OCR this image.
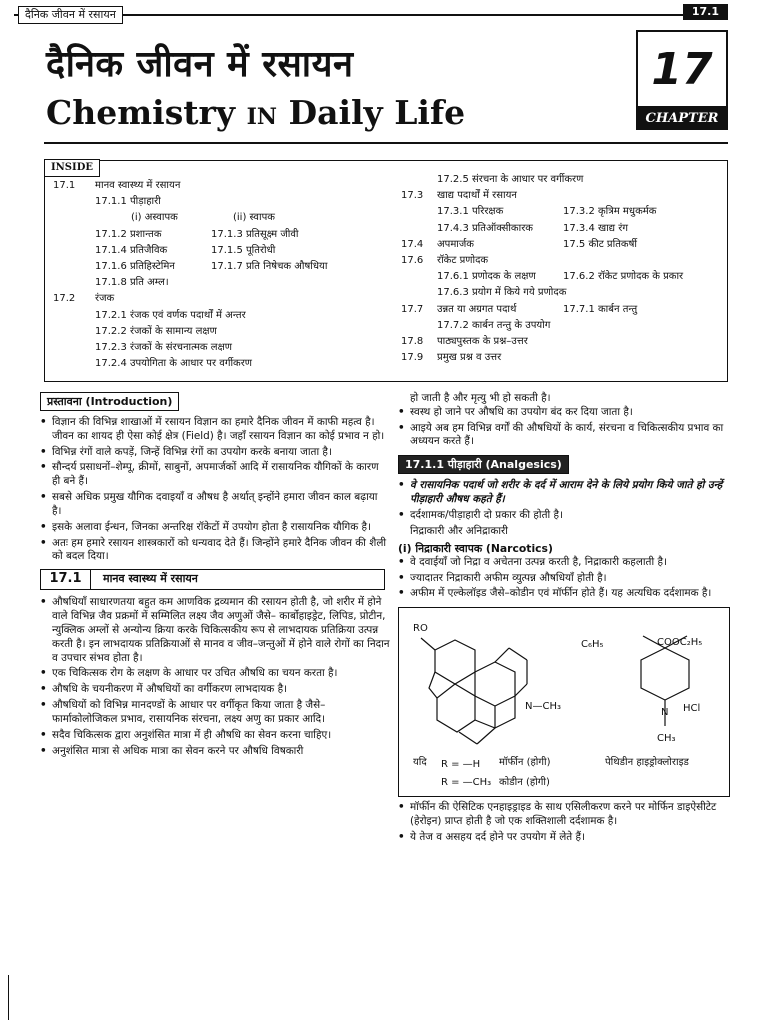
दैनिक जीवन में रसायन	17.1
दैनिक जीवन में रसायन
Chemistry IN Daily Life
17
CHAPTER
INSIDE
17.1 मानव स्वास्थ्य में रसायन
17.1.1 पीड़ाहारी
(i) अस्वापक	(ii) स्वापक
17.1.2 प्रशान्तक	17.1.3 प्रतिसूक्ष्म जीवी
17.1.4 प्रतिजैविक	17.1.5 पूतिरोधी
17.1.6 प्रतिहिस्टेमिन	17.1.7 प्रति निषेचक औषधिया
17.1.8 प्रति अम्ल।
17.2 रंजक
17.2.1 रंजक एवं वर्णक पदार्थों में अन्तर
17.2.2 रंजकों के सामान्य लक्षण
17.2.3 रंजकों के संरचनात्मक लक्षण
17.2.4 उपयोगिता के आधार पर वर्गीकरण
17.2.5 संरचना के आधार पर वर्गीकरण
17.3 खाद्य पदार्थों में रसायन
17.3.1 परिरक्षक	17.3.2 कृत्रिम मधुकर्मक
17.4.3 प्रतिऑक्सीकारक	17.3.4 खाद्य रंग
17.4 अपमार्जक	17.5 कीट प्रतिकर्षी
17.6 रॉकेट प्रणोदक
17.6.1 प्रणोदक के लक्षण	17.6.2 रॉकेट प्रणोदक के प्रकार
17.6.3 प्रयोग में किये गये प्रणोदक
17.7 उन्नत या अग्रगत पदार्थ	17.7.1 कार्बन तन्तु
17.7.2 कार्बन तन्तु के उपयोग
17.8 पाठ्यपुस्तक के प्रश्न–उत्तर
17.9 प्रमुख प्रश्न व उत्तर
प्रस्तावना (Introduction)
• विज्ञान की विभिन्न शाखाओं में रसायन विज्ञान का हमारे दैनिक जीवन में काफी महत्व है। जीवन का शायद ही ऐसा कोई क्षेत्र (Field) है। जहाँ रसायन विज्ञान का कोई प्रभाव न हो।
• विभिन्न रंगों वाले कपड़ें, जिन्हें विभिन्न रंगों का उपयोग करके बनाया जाता है।
• सौन्दर्य प्रसाधनों–शेम्पू, क्रीमों, साबुनों, अपमार्जकों आदि में रासायनिक यौगिकों के कारण ही बने हैं।
• सबसे अधिक प्रमुख यौगिक दवाइयाँ व औषध है अर्थात् इन्होंने हमारा जीवन काल बढ़ाया है।
• इसके अलावा ईन्धन, जिनका अन्तरिक्ष रॉकेटों में उपयोग होता है रासायनिक यौगिक है।
• अतः हम हमारे रसायन शास्त्रकारों को धन्यवाद देते हैं। जिन्होंने हमारे दैनिक जीवन की शैली को बदल दिया।
17.1	मानव स्वास्थ्य में रसायन
• औषधियाँ साधारणतया बहुत कम आणविक द्रव्यमान की रसायन होती है, जो शरीर में होने वाले विभिन्न जैव प्रक्रमों में सम्मिलित लक्ष्य जैव अणुओं जैसे– कार्बोहाइड्रेट, लिपिड, प्रोटीन, न्युक्लिक अम्लों से अन्योन्य क्रिया करके चिकित्सकीय रूप से लाभदायक प्रतिक्रिया उत्पन्न करती है। इन लाभदायक प्रतिक्रियाओं से मानव व जीव–जन्तुओं में होने वाले रोगों का निदान व उपचार संभव होता है।
• एक चिकित्सक रोग के लक्षण के आधार पर उचित औषधि का चयन करता है।
• औषधि के चयनीकरण में औषधियों का वर्गीकरण लाभदायक है।
• औषधियों को विभिन्न मानदण्डों के आधार पर वर्गीकृत किया जाता है जैसे– फार्माकोलोजिकल प्रभाव, रासायनिक संरचना, लक्ष्य अणु का प्रकार आदि।
• सदैव चिकित्सक द्वारा अनुशंसित मात्रा में ही औषधि का सेवन करना चाहिए।
• अनुशंसित मात्रा से अधिक मात्रा का सेवन करने पर औषधि विषकारी
हो जाती है और मृत्यु भी हो सकती है।
• स्वस्थ हो जाने पर औषधि का उपयोग बंद कर दिया जाता है।
• आइये अब हम विभिन्न वर्गों की औषधियों के कार्य, संरचना व चिकित्सकीय प्रभाव का अध्ययन करते हैं।
17.1.1 पीड़ाहारी (Analgesics)
• वे रासायनिक पदार्थ जो शरीर के दर्द में आराम देने के लिये प्रयोग किये जाते हो उन्हें पीड़ाहारी औषध कहते हैं।
• दर्दशामक/पीड़ाहारी दो प्रकार की होती है।
निद्राकारी और अनिद्राकारी
(i) निद्राकारी स्वापक (Narcotics)
• वे दवाईयाँ जो निद्रा व अचेतना उत्पन्न करती है, निद्राकारी कहलाती है।
• ज्यादातर निद्राकारी अफीम व्युत्पन्न औषधियाँ होती है।
• अफीम में एल्केलॉइड जैसे–कोडीन एवं मॉर्फीन होते हैं। यह अत्यधिक दर्दशामक है।
RO
N—CH₃
यदि R = —H मॉर्फीन (होगी)
R = —CH₃ कोडीन (होगी)
C₆H₅	COOC₂H₅
N HCl
CH₃
पेथिडीन हाइड्रोक्लोराइड
• मॉर्फीन की ऐसिटिक एनहाइड्राइड के साथ एसिलीकरण करने पर मोर्फिन डाइऐसीटेट (हेरोइन) प्राप्त होती है जो एक शक्तिशाली दर्दशामक है।
• ये तेज व असहय दर्द होने पर उपयोग में लेते हैं।
